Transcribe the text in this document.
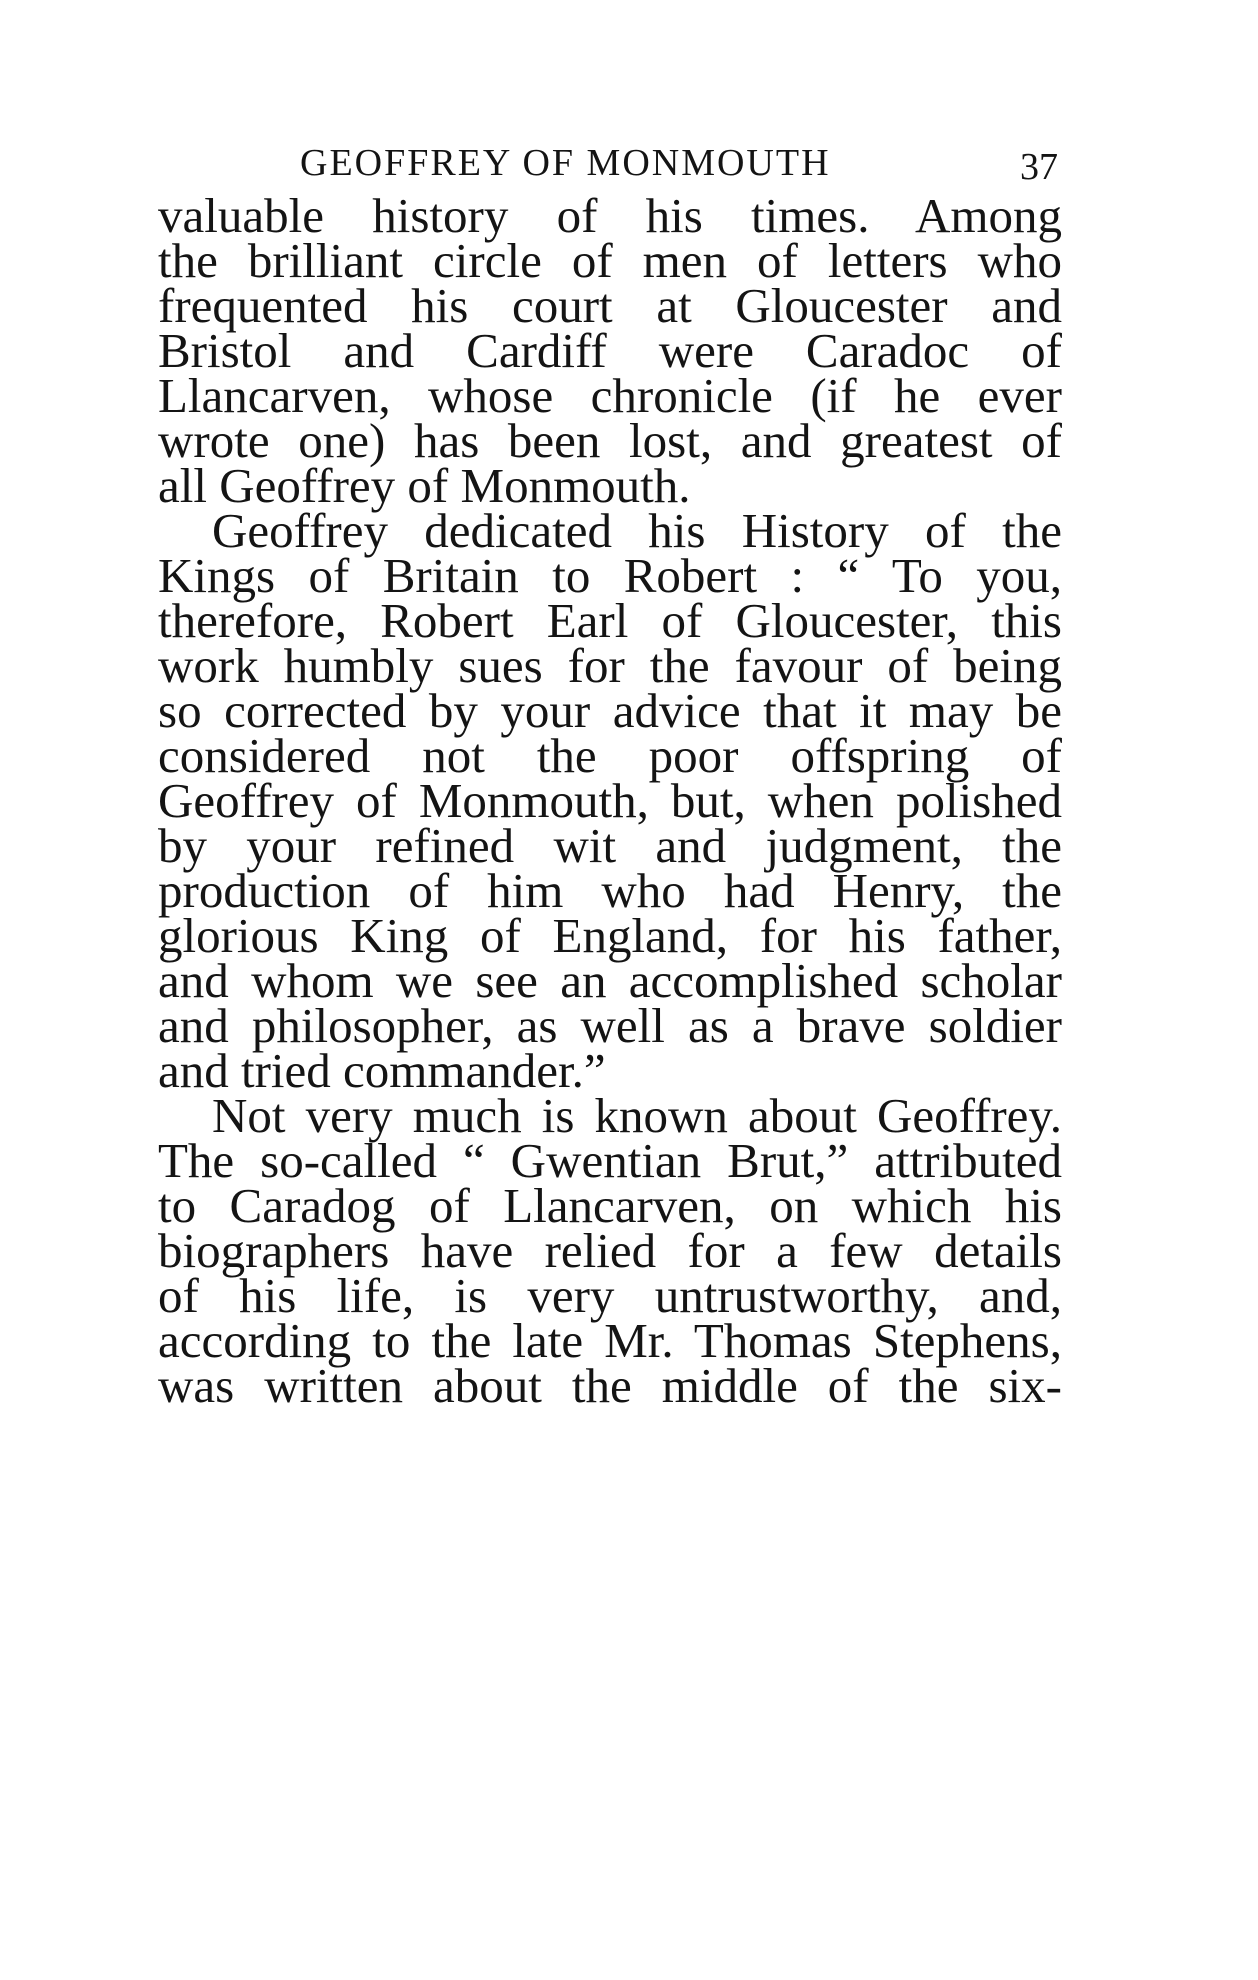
GEOFFREY OF MONMOUTH	37
valuable history of his times. Among
the brilliant circle of men of letters who
frequented his court at Gloucester and
Bristol and Cardiff were Caradoc of
Llancarven, whose chronicle (if he ever
wrote one) has been lost, and greatest of
all Geoffrey of Monmouth.
Geoffrey dedicated his History of the
Kings of Britain to Robert : “ To you,
therefore, Robert Earl of Gloucester, this
work humbly sues for the favour of being
so corrected by your advice that it may be
considered not the poor offspring of
Geoffrey of Monmouth, but, when polished
by your refined wit and judgment, the
production of him who had Henry, the
glorious King of England, for his father,
and whom we see an accomplished scholar
and philosopher, as well as a brave soldier
and tried commander.”
Not very much is known about Geoffrey.
The so-called “ Gwentian Brut,” attributed
to Caradog of Llancarven, on which his
biographers have relied for a few details
of his life, is very untrustworthy, and,
according to the late Mr. Thomas Stephens,
was written about the middle of the six-
